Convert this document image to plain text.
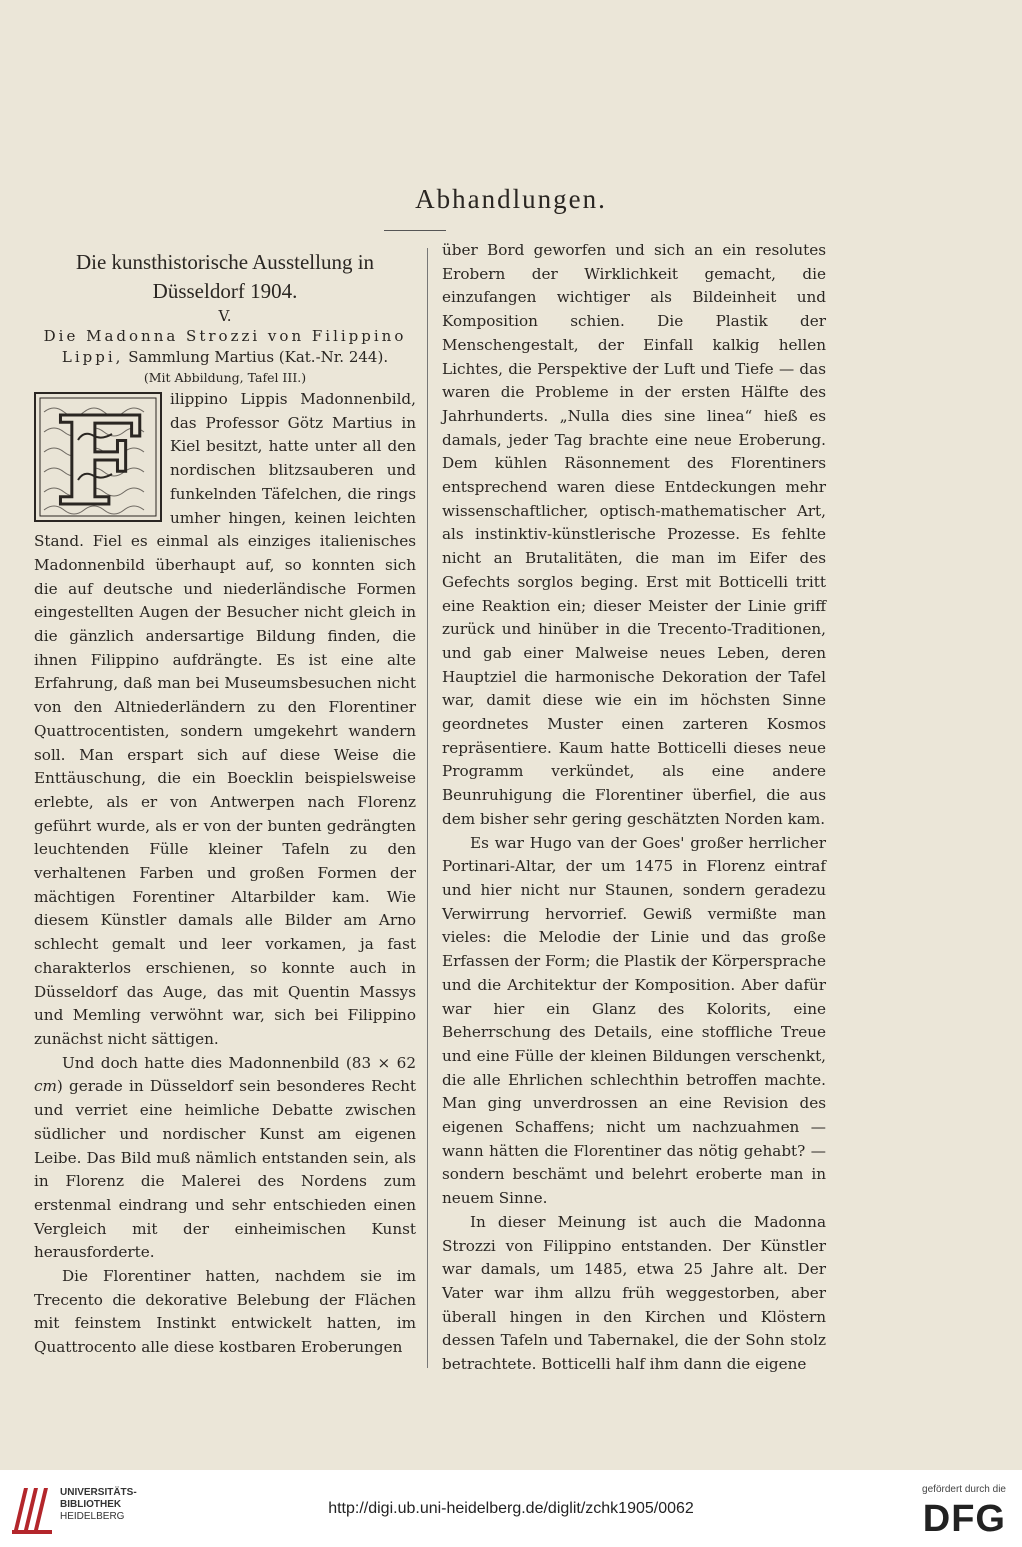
Abhandlungen.

Die kunsthistorische Ausstellung in Düsseldorf 1904.

V.

Die Madonna Strozzi von Filippino Lippi, Sammlung Martius (Kat.-Nr. 244).

(Mit Abbildung, Tafel III.)

F ilippino Lippis Madonnenbild, das Professor Götz Martius in Kiel besitzt, hatte unter all den nordischen blitzsauberen und funkelnden Täfelchen, die rings umher hingen, keinen leichten Stand. Fiel es einmal als einziges italienisches Madonnenbild überhaupt auf, so konnten sich die auf deutsche und niederländische Formen eingestellten Augen der Besucher nicht gleich in die gänzlich andersartige Bildung finden, die ihnen Filippino aufdrängte. Es ist eine alte Erfahrung, daß man bei Museumsbesuchen nicht von den Altniederländern zu den Florentiner Quattrocentisten, sondern umgekehrt wandern soll. Man erspart sich auf diese Weise die Enttäuschung, die ein Boecklin beispielsweise erlebte, als er von Antwerpen nach Florenz geführt wurde, als er von der bunten gedrängten leuchtenden Fülle kleiner Tafeln zu den verhaltenen Farben und großen Formen der mächtigen Forentiner Altarbilder kam. Wie diesem Künstler damals alle Bilder am Arno schlecht gemalt und leer vorkamen, ja fast charakterlos erschienen, so konnte auch in Düsseldorf das Auge, das mit Quentin Massys und Memling verwöhnt war, sich bei Filippino zunächst nicht sättigen.

Und doch hatte dies Madonnenbild (83 × 62 cm) gerade in Düsseldorf sein besonderes Recht und verriet eine heimliche Debatte zwischen südlicher und nordischer Kunst am eigenen Leibe. Das Bild muß nämlich entstanden sein, als in Florenz die Malerei des Nordens zum erstenmal eindrang und sehr entschieden einen Vergleich mit der einheimischen Kunst herausforderte.

Die Florentiner hatten, nachdem sie im Trecento die dekorative Belebung der Flächen mit feinstem Instinkt entwickelt hatten, im Quattrocento alle diese kostbaren Eroberungen

über Bord geworfen und sich an ein resolutes Erobern der Wirklichkeit gemacht, die einzufangen wichtiger als Bildeinheit und Komposition schien. Die Plastik der Menschengestalt, der Einfall kalkig hellen Lichtes, die Perspektive der Luft und Tiefe — das waren die Probleme in der ersten Hälfte des Jahrhunderts. „Nulla dies sine linea“ hieß es damals, jeder Tag brachte eine neue Eroberung. Dem kühlen Räsonnement des Florentiners entsprechend waren diese Entdeckungen mehr wissenschaftlicher, optisch-mathematischer Art, als instinktiv-künstlerische Prozesse. Es fehlte nicht an Brutalitäten, die man im Eifer des Gefechts sorglos beging. Erst mit Botticelli tritt eine Reaktion ein; dieser Meister der Linie griff zurück und hinüber in die Trecento-Traditionen, und gab einer Malweise neues Leben, deren Hauptziel die harmonische Dekoration der Tafel war, damit diese wie ein im höchsten Sinne geordnetes Muster einen zarteren Kosmos repräsentiere. Kaum hatte Botticelli dieses neue Programm verkündet, als eine andere Beunruhigung die Florentiner überfiel, die aus dem bisher sehr gering geschätzten Norden kam.

Es war Hugo van der Goes' großer herrlicher Portinari-Altar, der um 1475 in Florenz eintraf und hier nicht nur Staunen, sondern geradezu Verwirrung hervorrief. Gewiß vermißte man vieles: die Melodie der Linie und das große Erfassen der Form; die Plastik der Körpersprache und die Architektur der Komposition. Aber dafür war hier ein Glanz des Kolorits, eine Beherrschung des Details, eine stoffliche Treue und eine Fülle der kleinen Bildungen verschenkt, die alle Ehrlichen schlechthin betroffen machte. Man ging unverdrossen an eine Revision des eigenen Schaffens; nicht um nachzuahmen — wann hätten die Florentiner das nötig gehabt? — sondern beschämt und belehrt eroberte man in neuem Sinne.

In dieser Meinung ist auch die Madonna Strozzi von Filippino entstanden. Der Künstler war damals, um 1485, etwa 25 Jahre alt. Der Vater war ihm allzu früh weggestorben, aber überall hingen in den Kirchen und Klöstern dessen Tafeln und Tabernakel, die der Sohn stolz betrachtete. Botticelli half ihm dann die eigene

UNIVERSITÄTS-
BIBLIOTHEK
HEIDELBERG	http://digi.ub.uni-heidelberg.de/diglit/zchk1905/0062
gefördert durch die
DFG
